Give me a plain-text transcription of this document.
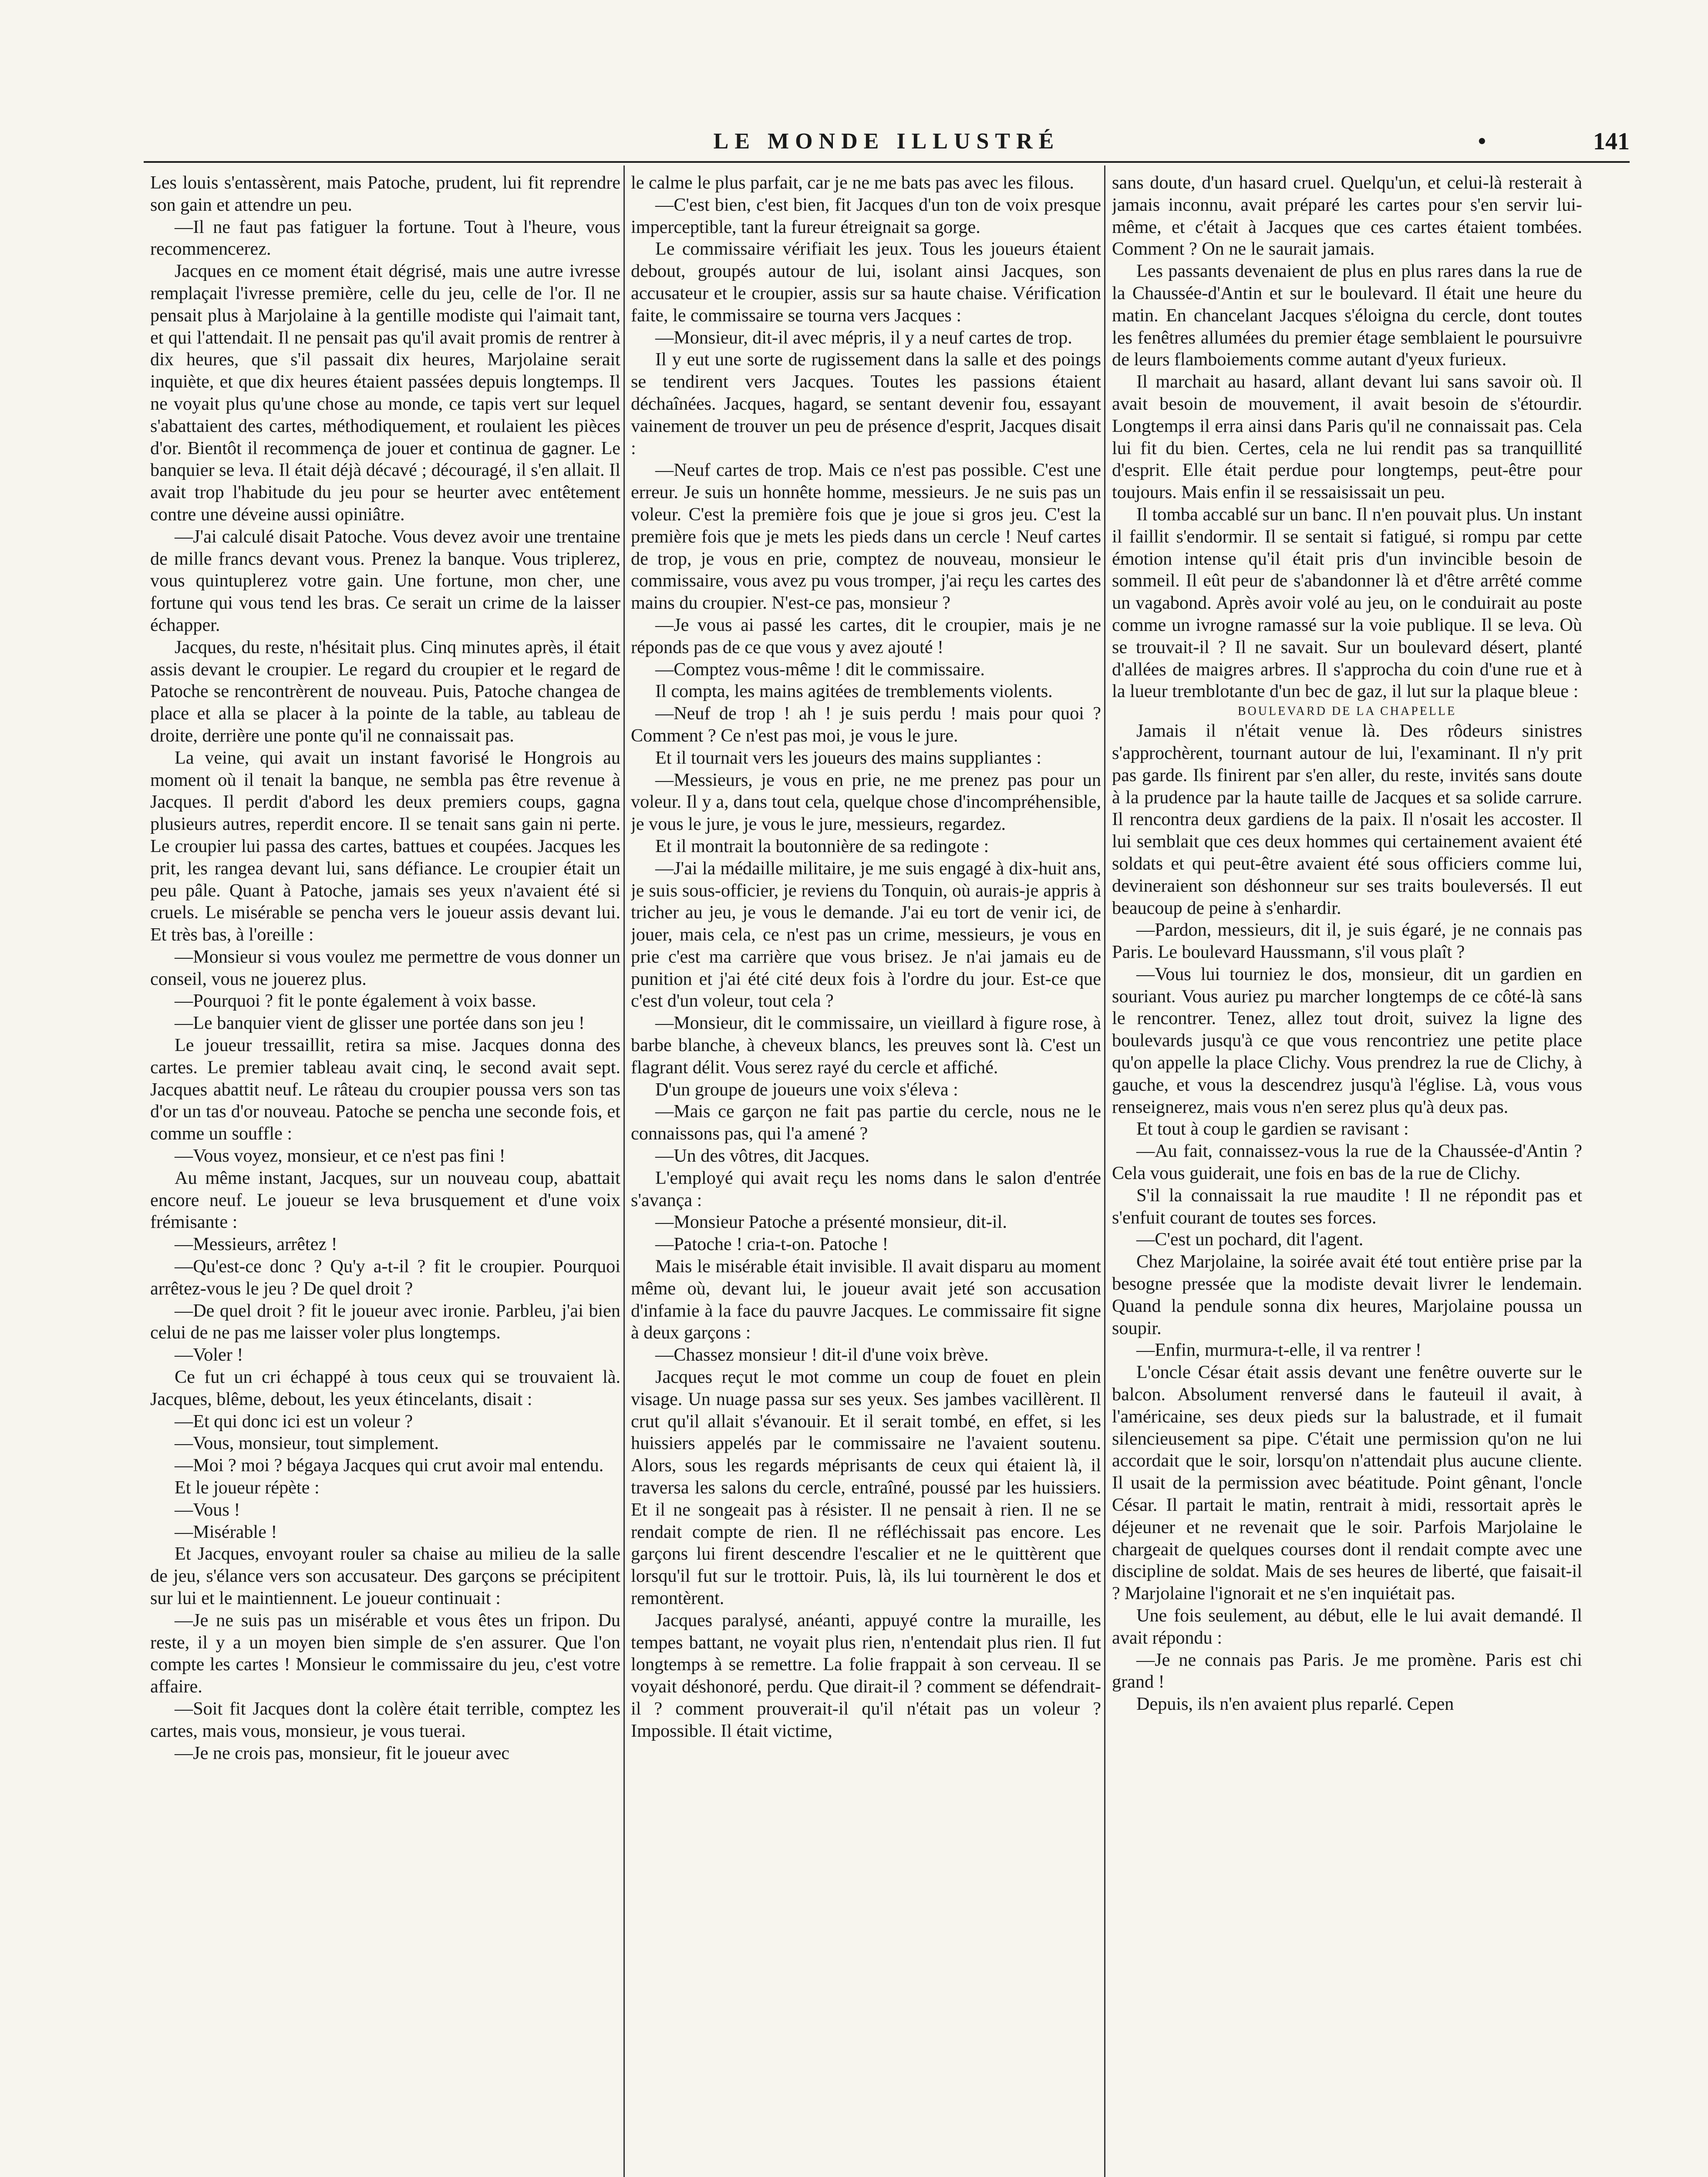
LE MONDE ILLUSTRÉ	•	141

Les louis s'entassèrent, mais Patoche, prudent, lui fit reprendre son gain et attendre un peu.

—Il ne faut pas fatiguer la fortune. Tout à l'heure, vous recommencerez.

Jacques en ce moment était dégrisé, mais une autre ivresse remplaçait l'ivresse première, celle du jeu, celle de l'or. Il ne pensait plus à Marjolaine à la gentille modiste qui l'aimait tant, et qui l'attendait. Il ne pensait pas qu'il avait promis de rentrer à dix heures, que s'il passait dix heures, Marjolaine serait inquiète, et que dix heures étaient passées depuis longtemps. Il ne voyait plus qu'une chose au monde, ce tapis vert sur lequel s'abattaient des cartes, méthodiquement, et roulaient les pièces d'or. Bientôt il recommença de jouer et continua de gagner. Le banquier se leva. Il était déjà décavé ; découragé, il s'en allait. Il avait trop l'habitude du jeu pour se heurter avec entêtement contre une déveine aussi opiniâtre.

—J'ai calculé disait Patoche. Vous devez avoir une trentaine de mille francs devant vous. Prenez la banque. Vous triplerez, vous quintuplerez votre gain. Une fortune, mon cher, une fortune qui vous tend les bras. Ce serait un crime de la laisser échapper.

Jacques, du reste, n'hésitait plus. Cinq minutes après, il était assis devant le croupier. Le regard du croupier et le regard de Patoche se rencontrèrent de nouveau. Puis, Patoche changea de place et alla se placer à la pointe de la table, au tableau de droite, derrière une ponte qu'il ne connaissait pas.

La veine, qui avait un instant favorisé le Hongrois au moment où il tenait la banque, ne sembla pas être revenue à Jacques. Il perdit d'abord les deux premiers coups, gagna plusieurs autres, reperdit encore. Il se tenait sans gain ni perte. Le croupier lui passa des cartes, battues et coupées. Jacques les prit, les rangea devant lui, sans défiance. Le croupier était un peu pâle. Quant à Patoche, jamais ses yeux n'avaient été si cruels. Le misérable se pencha vers le joueur assis devant lui. Et très bas, à l'oreille :

—Monsieur si vous voulez me permettre de vous donner un conseil, vous ne jouerez plus.

—Pourquoi ? fit le ponte également à voix basse.

—Le banquier vient de glisser une portée dans son jeu !

Le joueur tressaillit, retira sa mise. Jacques donna des cartes. Le premier tableau avait cinq, le second avait sept. Jacques abattit neuf. Le râteau du croupier poussa vers son tas d'or un tas d'or nouveau. Patoche se pencha une seconde fois, et comme un souffle :

—Vous voyez, monsieur, et ce n'est pas fini !

Au même instant, Jacques, sur un nouveau coup, abattait encore neuf. Le joueur se leva brusquement et d'une voix frémisante :

—Messieurs, arrêtez !

—Qu'est-ce donc ? Qu'y a-t-il ? fit le croupier. Pourquoi arrêtez-vous le jeu ? De quel droit ?

—De quel droit ? fit le joueur avec ironie. Parbleu, j'ai bien celui de ne pas me laisser voler plus longtemps.

—Voler !

Ce fut un cri échappé à tous ceux qui se trouvaient là. Jacques, blême, debout, les yeux étincelants, disait :

—Et qui donc ici est un voleur ?

—Vous, monsieur, tout simplement.

—Moi ? moi ? bégaya Jacques qui crut avoir mal entendu.

Et le joueur répète :

—Vous !

—Misérable !

Et Jacques, envoyant rouler sa chaise au milieu de la salle de jeu, s'élance vers son accusateur. Des garçons se précipitent sur lui et le maintiennent. Le joueur continuait :

—Je ne suis pas un misérable et vous êtes un fripon. Du reste, il y a un moyen bien simple de s'en assurer. Que l'on compte les cartes ! Monsieur le commissaire du jeu, c'est votre affaire.

—Soit fit Jacques dont la colère était terrible, comptez les cartes, mais vous, monsieur, je vous tuerai.

—Je ne crois pas, monsieur, fit le joueur avec

le calme le plus parfait, car je ne me bats pas avec les filous.

—C'est bien, c'est bien, fit Jacques d'un ton de voix presque imperceptible, tant la fureur étreignait sa gorge.

Le commissaire vérifiait les jeux. Tous les joueurs étaient debout, groupés autour de lui, isolant ainsi Jacques, son accusateur et le croupier, assis sur sa haute chaise. Vérification faite, le commissaire se tourna vers Jacques :

—Monsieur, dit-il avec mépris, il y a neuf cartes de trop.

Il y eut une sorte de rugissement dans la salle et des poings se tendirent vers Jacques. Toutes les passions étaient déchaînées. Jacques, hagard, se sentant devenir fou, essayant vainement de trouver un peu de présence d'esprit, Jacques disait :

—Neuf cartes de trop. Mais ce n'est pas possible. C'est une erreur. Je suis un honnête homme, messieurs. Je ne suis pas un voleur. C'est la première fois que je joue si gros jeu. C'est la première fois que je mets les pieds dans un cercle ! Neuf cartes de trop, je vous en prie, comptez de nouveau, monsieur le commissaire, vous avez pu vous tromper, j'ai reçu les cartes des mains du croupier. N'est-ce pas, monsieur ?

—Je vous ai passé les cartes, dit le croupier, mais je ne réponds pas de ce que vous y avez ajouté !

—Comptez vous-même ! dit le commissaire.

Il compta, les mains agitées de tremblements violents.

—Neuf de trop ! ah ! je suis perdu ! mais pour quoi ? Comment ? Ce n'est pas moi, je vous le jure.

Et il tournait vers les joueurs des mains suppliantes :

—Messieurs, je vous en prie, ne me prenez pas pour un voleur. Il y a, dans tout cela, quelque chose d'incompréhensible, je vous le jure, je vous le jure, messieurs, regardez.

Et il montrait la boutonnière de sa redingote :

—J'ai la médaille militaire, je me suis engagé à dix-huit ans, je suis sous-officier, je reviens du Tonquin, où aurais-je appris à tricher au jeu, je vous le demande. J'ai eu tort de venir ici, de jouer, mais cela, ce n'est pas un crime, messieurs, je vous en prie c'est ma carrière que vous brisez. Je n'ai jamais eu de punition et j'ai été cité deux fois à l'ordre du jour. Est-ce que c'est d'un voleur, tout cela ?

—Monsieur, dit le commissaire, un vieillard à figure rose, à barbe blanche, à cheveux blancs, les preuves sont là. C'est un flagrant délit. Vous serez rayé du cercle et affiché.

D'un groupe de joueurs une voix s'éleva :

—Mais ce garçon ne fait pas partie du cercle, nous ne le connaissons pas, qui l'a amené ?

—Un des vôtres, dit Jacques.

L'employé qui avait reçu les noms dans le salon d'entrée s'avança :

—Monsieur Patoche a présenté monsieur, dit-il.

—Patoche ! cria-t-on. Patoche !

Mais le misérable était invisible. Il avait disparu au moment même où, devant lui, le joueur avait jeté son accusation d'infamie à la face du pauvre Jacques. Le commissaire fit signe à deux garçons :

—Chassez monsieur ! dit-il d'une voix brève.

Jacques reçut le mot comme un coup de fouet en plein visage. Un nuage passa sur ses yeux. Ses jambes vacillèrent. Il crut qu'il allait s'évanouir. Et il serait tombé, en effet, si les huissiers appelés par le commissaire ne l'avaient soutenu. Alors, sous les regards méprisants de ceux qui étaient là, il traversa les salons du cercle, entraîné, poussé par les huissiers. Et il ne songeait pas à résister. Il ne pensait à rien. Il ne se rendait compte de rien. Il ne réfléchissait pas encore. Les garçons lui firent descendre l'escalier et ne le quittèrent que lorsqu'il fut sur le trottoir. Puis, là, ils lui tournèrent le dos et remontèrent.

Jacques paralysé, anéanti, appuyé contre la muraille, les tempes battant, ne voyait plus rien, n'entendait plus rien. Il fut longtemps à se remettre. La folie frappait à son cerveau. Il se voyait déshonoré, perdu. Que dirait-il ? comment se défendrait-il ? comment prouverait-il qu'il n'était pas un voleur ? Impossible. Il était victime,

sans doute, d'un hasard cruel. Quelqu'un, et celui-là resterait à jamais inconnu, avait préparé les cartes pour s'en servir lui-même, et c'était à Jacques que ces cartes étaient tombées. Comment ? On ne le saurait jamais.

Les passants devenaient de plus en plus rares dans la rue de la Chaussée-d'Antin et sur le boulevard. Il était une heure du matin. En chancelant Jacques s'éloigna du cercle, dont toutes les fenêtres allumées du premier étage semblaient le poursuivre de leurs flamboiements comme autant d'yeux furieux.

Il marchait au hasard, allant devant lui sans savoir où. Il avait besoin de mouvement, il avait besoin de s'étourdir. Longtemps il erra ainsi dans Paris qu'il ne connaissait pas. Cela lui fit du bien. Certes, cela ne lui rendit pas sa tranquillité d'esprit. Elle était perdue pour longtemps, peut-être pour toujours. Mais enfin il se ressaisissait un peu.

Il tomba accablé sur un banc. Il n'en pouvait plus. Un instant il faillit s'endormir. Il se sentait si fatigué, si rompu par cette émotion intense qu'il était pris d'un invincible besoin de sommeil. Il eût peur de s'abandonner là et d'être arrêté comme un vagabond. Après avoir volé au jeu, on le conduirait au poste comme un ivrogne ramassé sur la voie publique. Il se leva. Où se trouvait-il ? Il ne savait. Sur un boulevard désert, planté d'allées de maigres arbres. Il s'approcha du coin d'une rue et à la lueur tremblotante d'un bec de gaz, il lut sur la plaque bleue :

BOULEVARD DE LA CHAPELLE

Jamais il n'était venue là. Des rôdeurs sinistres s'approchèrent, tournant autour de lui, l'examinant. Il n'y prit pas garde. Ils finirent par s'en aller, du reste, invités sans doute à la prudence par la haute taille de Jacques et sa solide carrure. Il rencontra deux gardiens de la paix. Il n'osait les accoster. Il lui semblait que ces deux hommes qui certainement avaient été soldats et qui peut-être avaient été sous officiers comme lui, devineraient son déshonneur sur ses traits bouleversés. Il eut beaucoup de peine à s'enhardir.

—Pardon, messieurs, dit il, je suis égaré, je ne connais pas Paris. Le boulevard Haussmann, s'il vous plaît ?

—Vous lui tourniez le dos, monsieur, dit un gardien en souriant. Vous auriez pu marcher longtemps de ce côté-là sans le rencontrer. Tenez, allez tout droit, suivez la ligne des boulevards jusqu'à ce que vous rencontriez une petite place qu'on appelle la place Clichy. Vous prendrez la rue de Clichy, à gauche, et vous la descendrez jusqu'à l'église. Là, vous vous renseignerez, mais vous n'en serez plus qu'à deux pas.

Et tout à coup le gardien se ravisant :

—Au fait, connaissez-vous la rue de la Chaussée-d'Antin ? Cela vous guiderait, une fois en bas de la rue de Clichy.

S'il la connaissait la rue maudite ! Il ne répondit pas et s'enfuit courant de toutes ses forces.

—C'est un pochard, dit l'agent.

Chez Marjolaine, la soirée avait été tout entière prise par la besogne pressée que la modiste devait livrer le lendemain. Quand la pendule sonna dix heures, Marjolaine poussa un soupir.

—Enfin, murmura-t-elle, il va rentrer !

L'oncle César était assis devant une fenêtre ouverte sur le balcon. Absolument renversé dans le fauteuil il avait, à l'américaine, ses deux pieds sur la balustrade, et il fumait silencieusement sa pipe. C'était une permission qu'on ne lui accordait que le soir, lorsqu'on n'attendait plus aucune cliente. Il usait de la permission avec béatitude. Point gênant, l'oncle César. Il partait le matin, rentrait à midi, ressortait après le déjeuner et ne revenait que le soir. Parfois Marjolaine le chargeait de quelques courses dont il rendait compte avec une discipline de soldat. Mais de ses heures de liberté, que faisait-il ? Marjolaine l'ignorait et ne s'en inquiétait pas.

Une fois seulement, au début, elle le lui avait demandé. Il avait répondu :

—Je ne connais pas Paris. Je me promène. Paris est chi grand !

Depuis, ils n'en avaient plus reparlé. Cepen
